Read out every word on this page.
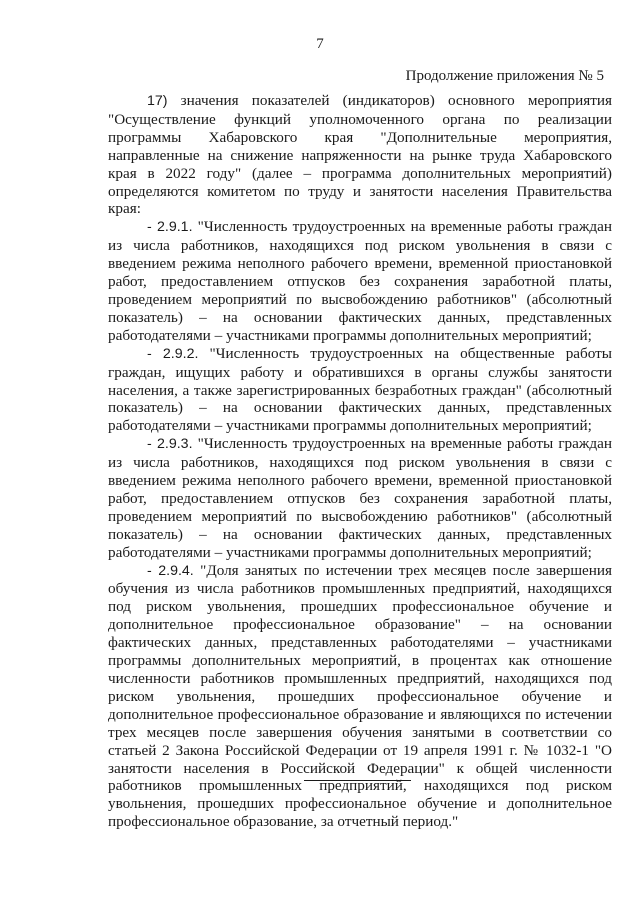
7
Продолжение приложения № 5

17) значения показателей (индикаторов) основного мероприятия "Осуществление функций уполномоченного органа по реализации программы Хабаровского края "Дополнительные мероприятия, направленные на снижение напряженности на рынке труда Хабаровского края в 2022 году" (далее – программа дополнительных мероприятий) определяются комитетом по труду и занятости населения Правительства края:

- 2.9.1. "Численность трудоустроенных на временные работы граждан из числа работников, находящихся под риском увольнения в связи с введением режима неполного рабочего времени, временной приостановкой работ, предоставлением отпусков без сохранения заработной платы, проведением мероприятий по высвобождению работников" (абсолютный показатель) – на основании фактических данных, представленных работодателями – участниками программы дополнительных мероприятий;

- 2.9.2. "Численность трудоустроенных на общественные работы граждан, ищущих работу и обратившихся в органы службы занятости населения, а также зарегистрированных безработных граждан" (абсолютный показатель) – на основании фактических данных, представленных работодателями – участниками программы дополнительных мероприятий;

- 2.9.3. "Численность трудоустроенных на временные работы граждан из числа работников, находящихся под риском увольнения в связи с введением режима неполного рабочего времени, временной приостановкой работ, предоставлением отпусков без сохранения заработной платы, проведением мероприятий по высвобождению работников" (абсолютный показатель) – на основании фактических данных, представленных работодателями – участниками программы дополнительных мероприятий;

- 2.9.4. "Доля занятых по истечении трех месяцев после завершения обучения из числа работников промышленных предприятий, находящихся под риском увольнения, прошедших профессиональное обучение и дополнительное профессиональное образование" – на основании фактических данных, представленных работодателями – участниками программы дополнительных мероприятий, в процентах как отношение численности работников промышленных предприятий, находящихся под риском увольнения, прошедших профессиональное обучение и дополнительное профессиональное образование и являющихся по истечении трех месяцев после завершения обучения занятыми в соответствии со статьей 2 Закона Российской Федерации от 19 апреля 1991 г. № 1032-1 "О занятости населения в Российской Федерации" к общей численности работников промышленных предприятий, находящихся под риском увольнения, прошедших профессиональное обучение и дополнительное профессиональное образование, за отчетный период."
